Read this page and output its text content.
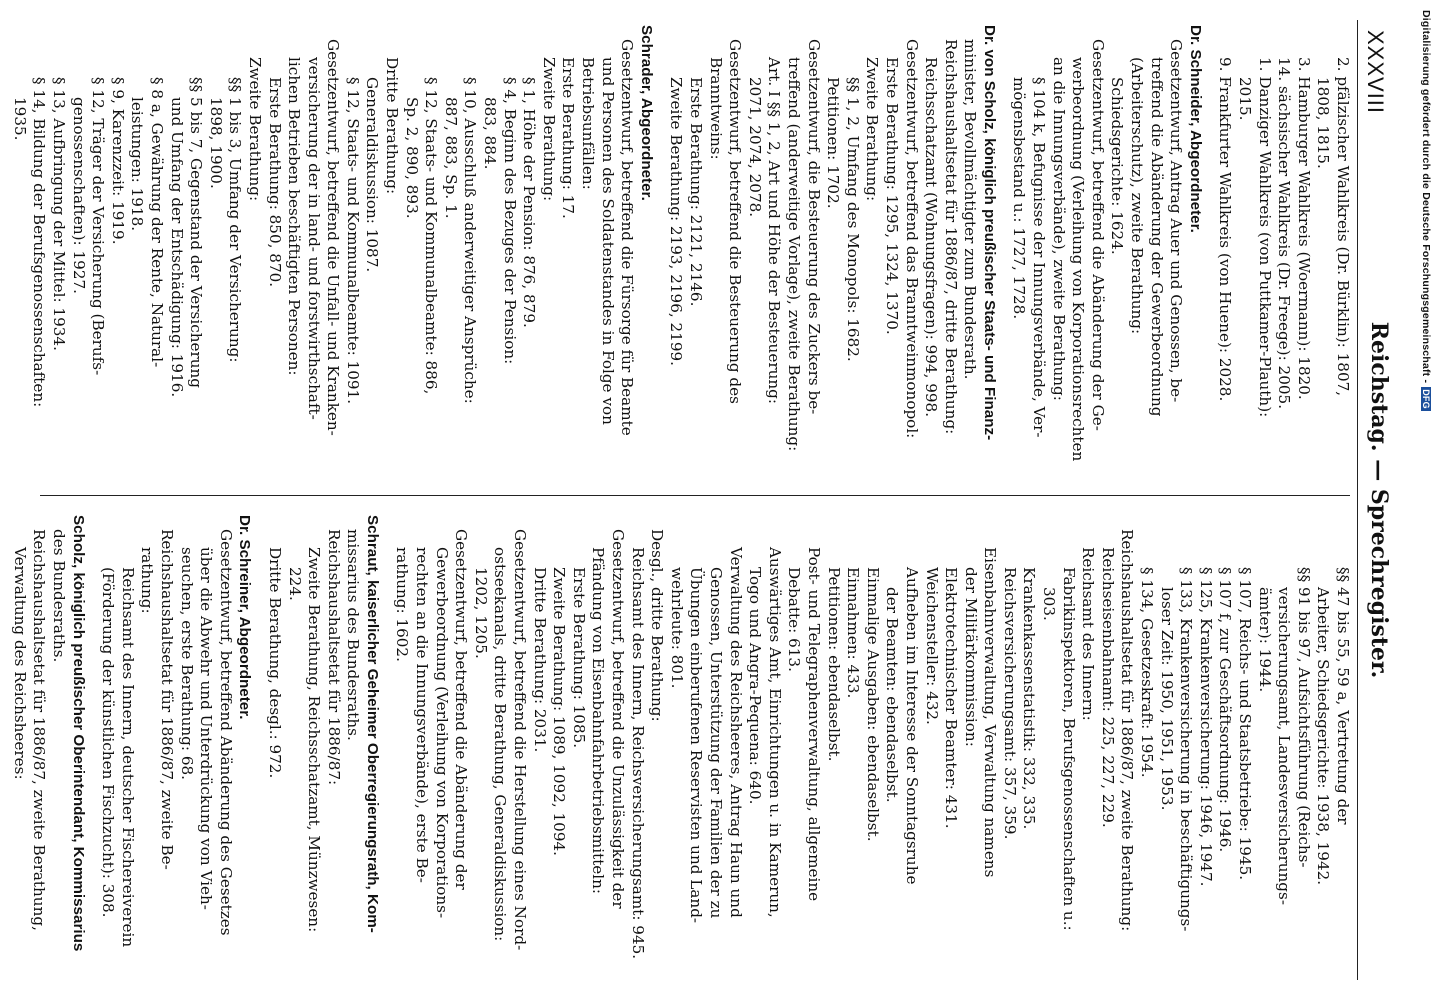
XXXVIII
Reichstag. — Sprechregister.
2. pfälzischer Wahlkreis (Dr. Bürklin): 1807,
1808, 1815.
3. Hamburger Wahlkreis (Woermann): 1820.
14. sächsischer Wahlkreis (Dr. Freege): 2005.
1. Danziger Wahlkreis (von Puttkamer-Plauth):
2015.
9. Frankfurter Wahlkreis (von Huene): 2028.
Dr. Schneider, Abgeordneter.
Gesetzentwurf, Antrag Auer und Genossen, be-
treffend die Abänderung der Gewerbeordnung
(Arbeiterschutz), zweite Berathung:
Schiedsgerichte: 1624.
Gesetzentwurf, betreffend die Abänderung der Ge-
werbeordnung (Verleihung von Korporationsrechten
an die Innungsverbände), zweite Berathung:
§ 104 k, Befugnisse der Innungsverbände, Ver-
mögensbestand u.: 1727, 1728.
Dr. von Scholz, königlich preußischer Staats- und Finanz-
minister, Bevollmächtigter zum Bundesrath.
Reichshaushaltsetat für 1886/87, dritte Berathung:
Reichsschatzamt (Wohnungsfragen): 994, 998.
Gesetzentwurf, betreffend das Branntweinmonopol:
Erste Berathung: 1295, 1324, 1370.
Zweite Berathung:
§§ 1, 2, Umfang des Monopols: 1682.
Petitionen: 1702.
Gesetzentwurf, die Besteuerung des Zuckers be-
treffend (anderweitige Vorlage), zweite Berathung:
Art. I §§ 1, 2, Art und Höhe der Besteuerung:
2071, 2074, 2078.
Gesetzentwurf, betreffend die Besteuerung des
Branntweins:
Erste Berathung: 2121, 2146.
Zweite Berathung: 2193, 2196, 2199.
Schrader, Abgeordneter.
Gesetzentwurf, betreffend die Fürsorge für Beamte
und Personen des Soldatenstandes in Folge von
Betriebsunfällen:
Erste Berathung: 17.
Zweite Berathung:
§ 1, Höhe der Pension: 876, 879.
§ 4, Beginn des Bezuges der Pension:
883, 884.
§ 10, Ausschluß anderweitiger Ansprüche:
887, 883, Sp. 1.
§ 12, Staats- und Kommunalbeamte: 886,
Sp. 2, 890, 893.
Dritte Berathung:
Generaldiskussion: 1087.
§ 12, Staats- und Kommunalbeamte: 1091.
Gesetzentwurf, betreffend die Unfall- und Kranken-
versicherung der in land- und forstwirthschaft-
lichen Betrieben beschäftigten Personen:
Erste Berathung: 850, 870.
Zweite Berathung:
§§ 1 bis 3, Umfang der Versicherung:
1898, 1900.
§§ 5 bis 7, Gegenstand der Versicherung
und Umfang der Entschädigung: 1916.
§ 8 a, Gewährung der Rente, Natural-
leistungen: 1918.
§ 9, Karenzzeit: 1919.
§ 12, Träger der Versicherung (Berufs-
genossenschaften): 1927.
§ 13, Aufbringung der Mittel: 1934.
§ 14, Bildung der Berufsgenossenschaften:
1935.
§§ 47 bis 55, 59 a, Vertretung der
Arbeiter, Schiedsgerichte: 1938, 1942.
§§ 91 bis 97, Aufsichtsführung (Reichs-
versicherungsamt, Landesversicherungs-
ämter): 1944.
§ 107, Reichs- und Staatsbetriebe: 1945.
§ 107 f, zur Geschäftsordnung: 1946.
§ 125, Krankenversicherung: 1946, 1947.
§ 133, Krankenversicherung in beschäftigungs-
loser Zeit: 1950, 1951, 1953.
§ 134, Gesetzeskraft: 1954.
Reichshaushaltsetat für 1886/87, zweite Berathung:
Reichseisenbahnamt: 225, 227, 229.
Reichsamt des Innern:
Fabrikinspektoren, Berufsgenossenschaften u.:
303.
Krankenkassenstatistik: 332, 335.
Reichsversicherungsamt: 357, 359.
Eisenbahnverwaltung, Verwaltung namens
der Militärkommission:
Elektrotechnischer Beamter: 431.
Weichensteller: 432.
Aufheben im Interesse der Sonntagsruhe
der Beamten: ebendaselbst.
Einmalige Ausgaben: ebendaselbst.
Einnahmen: 433.
Petitionen: ebendaselbst.
Post- und Telegraphenverwaltung, allgemeine
Debatte: 613.
Auswärtiges Amt, Einrichtungen u. in Kamerun,
Togo und Angra-Pequena: 640.
Verwaltung des Reichsheeres, Antrag Haun und
Genossen, Unterstützung der Familien der zu
Übungen einberufenen Reservisten und Land-
wehrleute: 801.
Desgl., dritte Berathung:
Reichsamt des Innern, Reichsversicherungsamt: 945.
Gesetzentwurf, betreffend die Unzulässigkeit der
Pfändung von Eisenbahnfahrbetriebsmitteln:
Erste Berathung: 1085.
Zweite Berathung: 1089, 1092, 1094.
Dritte Berathung: 2031.
Gesetzentwurf, betreffend die Herstellung eines Nord-
ostseekanals, dritte Berathung, Generaldiskussion:
1202, 1205.
Gesetzentwurf, betreffend die Abänderung der
Gewerbeordnung (Verleihung von Korporations-
rechten an die Innungsverbände), erste Be-
rathung: 1602.
Schraut, kaiserlicher Geheimer Oberregierungsrath, Kom-
missarius des Bundesraths.
Reichshaushaltsetat für 1886/87:
Zweite Berathung, Reichsschatzamt, Münzwesen:
224.
Dritte Berathung, desgl.: 972.
Dr. Schreiner, Abgeordneter.
Gesetzentwurf, betreffend Abänderung des Gesetzes
über die Abwehr und Unterdrückung von Vieh-
seuchen, erste Berathung: 68.
Reichshaushaltsetat für 1886/87, zweite Be-
rathung:
Reichsamt des Innern, deutscher Fischereiverein
(Förderung der künstlichen Fischzucht): 308.
Scholz, königlich preußischer Oberintendant, Kommissarius
des Bundesraths.
Reichshaushaltsetat für 1886/87, zweite Berathung,
Verwaltung des Reichsheeres:
Digitalisierung gefördert durch die Deutsche Forschungsgemeinschaft -DFG
